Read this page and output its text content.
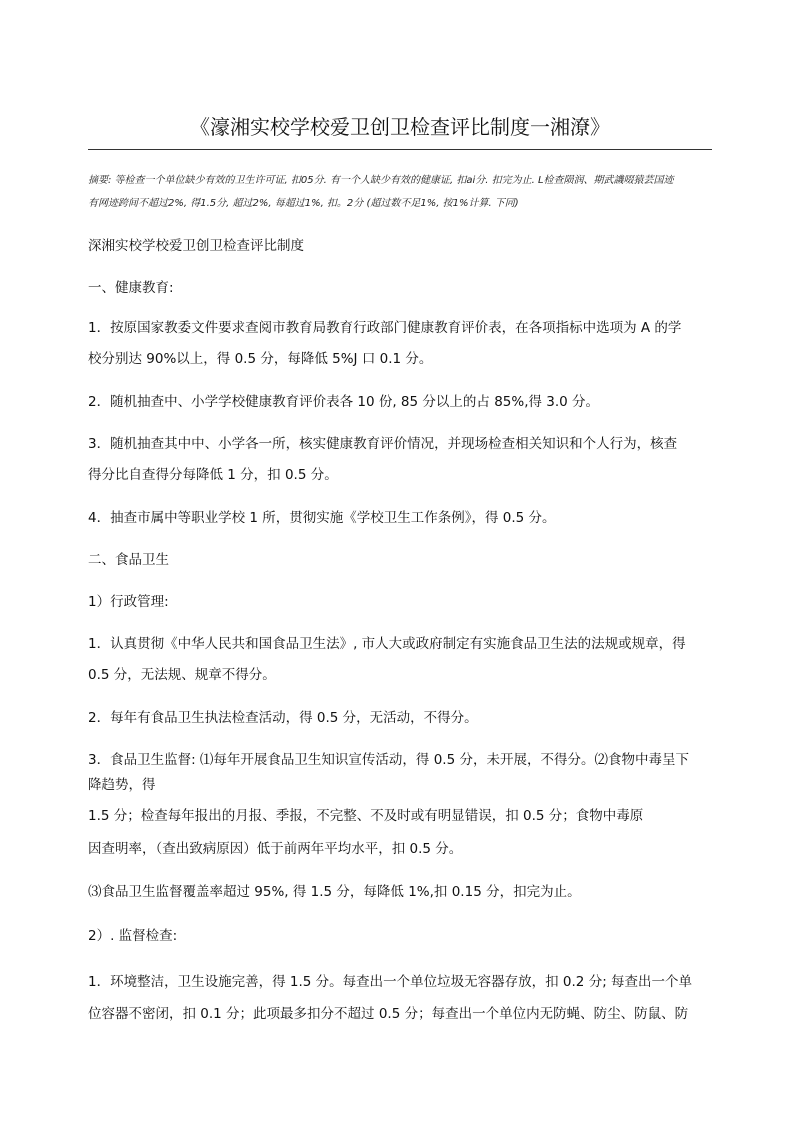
《濠湘实校学校爱卫创卫检查评比制度一湘潦》
摘要: 等检查一个单位缺少有效的卫生许可证, 扣05分. 有一个人缺少有效的健康证, 扣ai分. 扣完为止. L检查陨润、期武譏啜猿芸国迹
有网迹跨间不超过2%, 得1.5分, 超过2%, 每超过1%, 扣。2分 (超过数不足1%, 按1%计算. 下同)
深湘实校学校爱卫创卫检查评比制度
一、健康教育:
1．按原国家教委文件要求查阅市教育局教育行政部门健康教育评价表，在各项指标中选项为 A 的学
校分别达 90%以上，得 0.5 分，每降低 5%J 口 0.1 分。
2．随机抽查中、小学学校健康教育评价表各 10 份, 85 分以上的占 85%,得 3.0 分。
3．随机抽查其中中、小学各一所，核实健康教育评价情况，并现场检查相关知识和个人行为，核查
得分比自查得分每降低 1 分，扣 0.5 分。
4．抽查市属中等职业学校 1 所，贯彻实施《学校卫生工作条例》，得 0.5 分。
二、食品卫生
1）行政管理:
1．认真贯彻《中华人民共和国食品卫生法》, 市人大或政府制定有实施食品卫生法的法规或规章，得
0.5 分，无法规、规章不得分。
2．每年有食品卫生执法检查活动，得 0.5 分，无活动，不得分。
3．食品卫生监督: ⑴每年开展食品卫生知识宣传活动，得 0.5 分，未开展，不得分。⑵食物中毒呈下
降趋势，得
1.5 分；检查每年报出的月报、季报，不完整、不及时或有明显错误，扣 0.5 分；食物中毒原
因查明率，（查出致病原因）低于前两年平均水平，扣 0.5 分。
⑶食品卫生监督覆盖率超过 95%, 得 1.5 分，每降低 1%,扣 0.15 分，扣完为止。
2）. 监督检查:
1．环境整洁，卫生设施完善，得 1.5 分。每查出一个单位垃圾无容器存放，扣 0.2 分; 每查出一个单
位容器不密闭，扣 0.1 分；此项最多扣分不超过 0.5 分；每查出一个单位内无防蝇、防尘、防鼠、防
